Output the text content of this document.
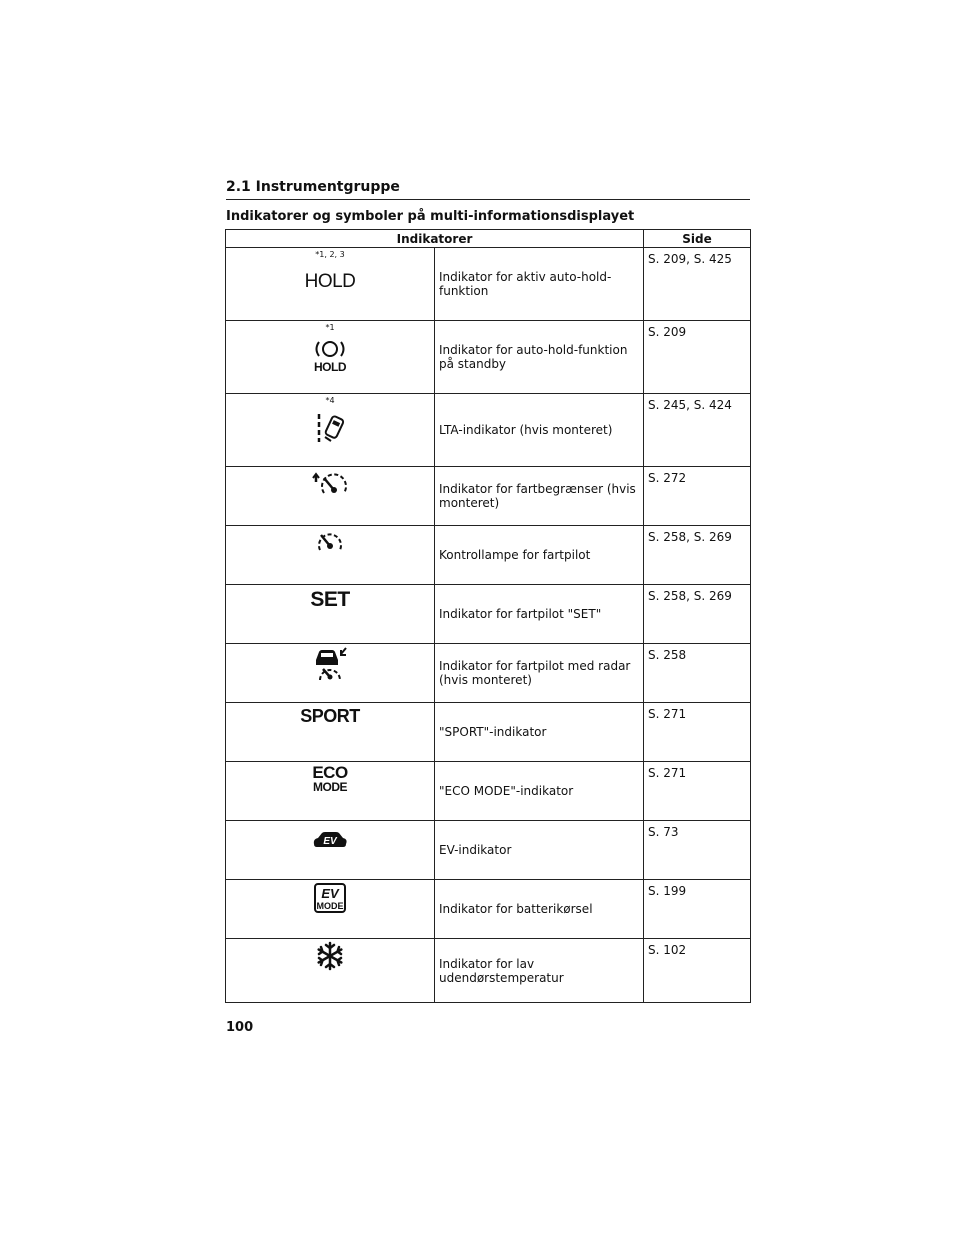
2.1 Instrumentgruppe
Indikatorer og symboler på multi-informationsdisplayet
Indikatorer		Side

*1, 2, 3
HOLD	Indikator for aktiv auto-hold-funktion	S. 209, S. 425

*1
HOLD	Indikator for auto-hold-funktion på standby	S. 209

*4	LTA-indikator (hvis monteret)	S. 245, S. 424

	Indikator for fartbegrænser (hvis monteret)	S. 272

	Kontrollampe for fartpilot	S. 258, S. 269

SET	Indikator for fartpilot "SET"	S. 258, S. 269

	Indikator for fartpilot med radar (hvis monteret)	S. 258

SPORT	"SPORT"-indikator	S. 271

ECO
MODE	"ECO MODE"-indikator	S. 271

EV	EV-indikator	S. 73

EV
MODE	Indikator for batterikørsel	S. 199

	Indikator for lav udendørstemperatur	S. 102
100
